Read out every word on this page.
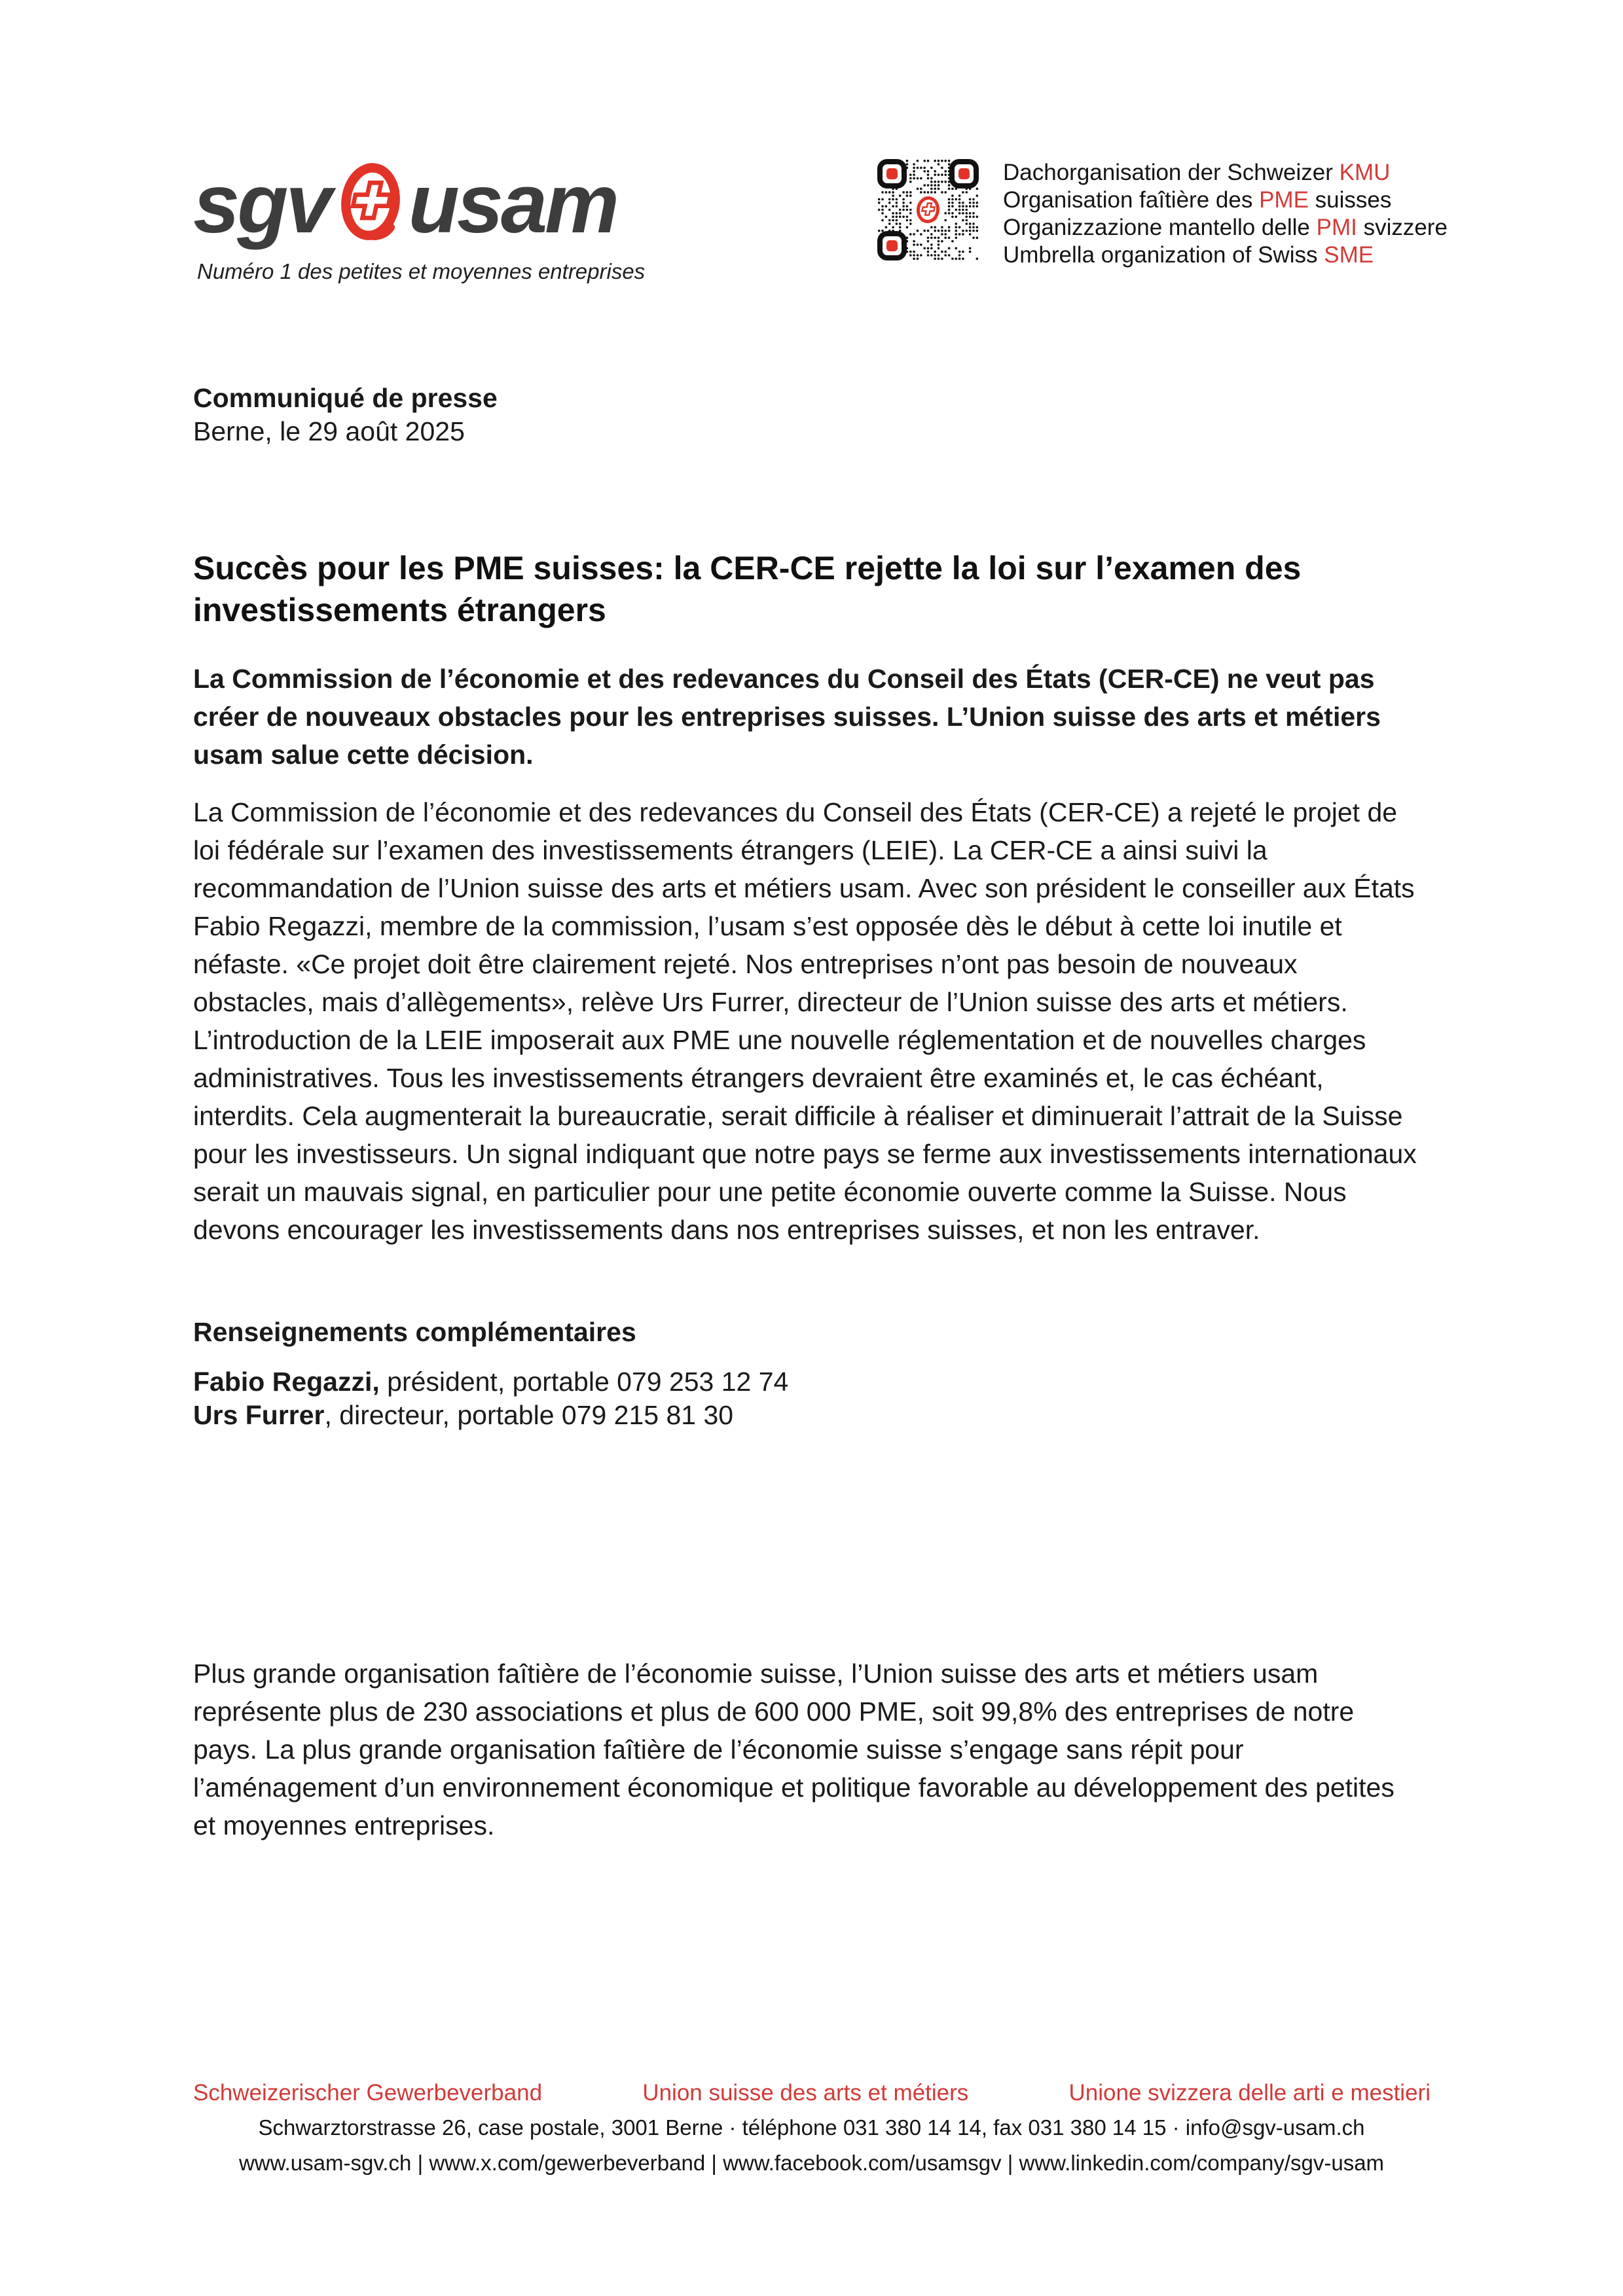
sgv usam
Numéro 1 des petites et moyennes entreprises
Dachorganisation der Schweizer KMU
Organisation faîtière des PME suisses
Organizzazione mantello delle PMI svizzere
Umbrella organization of Swiss SME
Communiqué de presse
Berne, le 29 août 2025
Succès pour les PME suisses: la CER-CE rejette la loi sur l’examen des investissements étrangers

La Commission de l’économie et des redevances du Conseil des États (CER-CE) ne veut pas créer de nouveaux obstacles pour les entreprises suisses. L’Union suisse des arts et métiers usam salue cette décision.

La Commission de l’économie et des redevances du Conseil des États (CER-CE) a rejeté le projet de loi fédérale sur l’examen des investissements étrangers (LEIE). La CER-CE a ainsi suivi la recommandation de l’Union suisse des arts et métiers usam. Avec son président le conseiller aux États Fabio Regazzi, membre de la commission, l’usam s’est opposée dès le début à cette loi inutile et néfaste. «Ce projet doit être clairement rejeté. Nos entreprises n’ont pas besoin de nouveaux obstacles, mais d’allègements», relève Urs Furrer, directeur de l’Union suisse des arts et métiers.

L’introduction de la LEIE imposerait aux PME une nouvelle réglementation et de nouvelles charges administratives. Tous les investissements étrangers devraient être examinés et, le cas échéant, interdits. Cela augmenterait la bureaucratie, serait difficile à réaliser et diminuerait l’attrait de la Suisse pour les investisseurs. Un signal indiquant que notre pays se ferme aux investissements internationaux serait un mauvais signal, en particulier pour une petite économie ouverte comme la Suisse. Nous devons encourager les investissements dans nos entreprises suisses, et non les entraver.

Renseignements complémentaires
Fabio Regazzi, président, portable 079 253 12 74
Urs Furrer, directeur, portable 079 215 81 30

Plus grande organisation faîtière de l’économie suisse, l’Union suisse des arts et métiers usam représente plus de 230 associations et plus de 600 000 PME, soit 99,8% des entreprises de notre pays. La plus grande organisation faîtière de l’économie suisse s’engage sans répit pour l’aménagement d’un environnement économique et politique favorable au développement des petites et moyennes entreprises.

Schweizerischer Gewerbeverband	Union suisse des arts et métiers	Unione svizzera delle arti e mestieri
Schwarztorstrasse 26, case postale, 3001 Berne · téléphone 031 380 14 14, fax 031 380 14 15 · info@sgv-usam.ch
www.usam-sgv.ch | www.x.com/gewerbeverband | www.facebook.com/usamsgv | www.linkedin.com/company/sgv-usam
